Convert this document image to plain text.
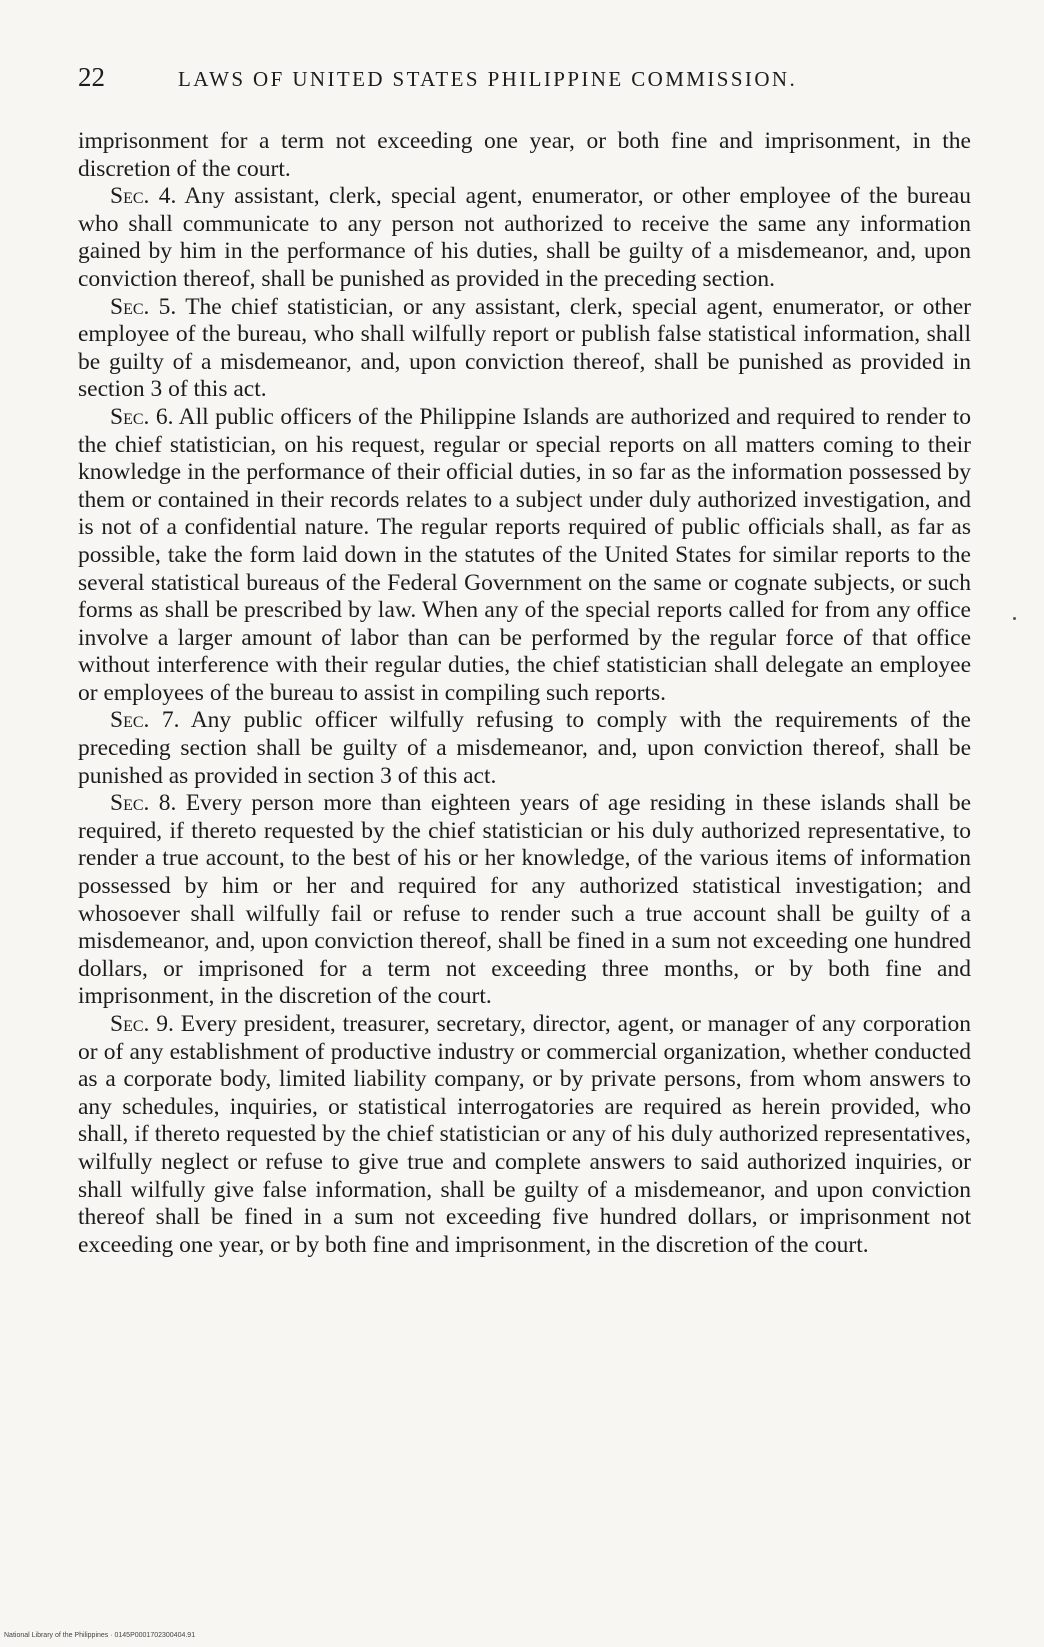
22	LAWS OF UNITED STATES PHILIPPINE COMMISSION.

imprisonment for a term not exceeding one year, or both fine and imprisonment, in the discretion of the court.

Sec. 4. Any assistant, clerk, special agent, enumerator, or other employee of the bureau who shall communicate to any person not authorized to receive the same any information gained by him in the performance of his duties, shall be guilty of a misdemeanor, and, upon conviction thereof, shall be punished as provided in the preceding section.

Sec. 5. The chief statistician, or any assistant, clerk, special agent, enumerator, or other employee of the bureau, who shall wilfully report or publish false statistical information, shall be guilty of a misdemeanor, and, upon conviction thereof, shall be punished as provided in section 3 of this act.

Sec. 6. All public officers of the Philippine Islands are authorized and required to render to the chief statistician, on his request, regular or special reports on all matters coming to their knowledge in the performance of their official duties, in so far as the information possessed by them or contained in their records relates to a subject under duly authorized investigation, and is not of a confidential nature. The regular reports required of public officials shall, as far as possible, take the form laid down in the statutes of the United States for similar reports to the several statistical bureaus of the Federal Government on the same or cognate subjects, or such forms as shall be prescribed by law. When any of the special reports called for from any office involve a larger amount of labor than can be performed by the regular force of that office without interference with their regular duties, the chief statistician shall delegate an employee or employees of the bureau to assist in compiling such reports.

Sec. 7. Any public officer wilfully refusing to comply with the requirements of the preceding section shall be guilty of a misdemeanor, and, upon conviction thereof, shall be punished as provided in section 3 of this act.

Sec. 8. Every person more than eighteen years of age residing in these islands shall be required, if thereto requested by the chief statistician or his duly authorized representative, to render a true account, to the best of his or her knowledge, of the various items of information possessed by him or her and required for any authorized statistical investigation; and whosoever shall wilfully fail or refuse to render such a true account shall be guilty of a misdemeanor, and, upon conviction thereof, shall be fined in a sum not exceeding one hundred dollars, or imprisoned for a term not exceeding three months, or by both fine and imprisonment, in the discretion of the court.

Sec. 9. Every president, treasurer, secretary, director, agent, or manager of any corporation or of any establishment of productive industry or commercial organization, whether conducted as a corporate body, limited liability company, or by private persons, from whom answers to any schedules, inquiries, or statistical interrogatories are required as herein provided, who shall, if thereto requested by the chief statistician or any of his duly authorized representatives, wilfully neglect or refuse to give true and complete answers to said authorized inquiries, or shall wilfully give false information, shall be guilty of a misdemeanor, and upon conviction thereof shall be fined in a sum not exceeding five hundred dollars, or imprisonment not exceeding one year, or by both fine and imprisonment, in the discretion of the court.

National Library of the Philippines · 0145P0001702300404.91
